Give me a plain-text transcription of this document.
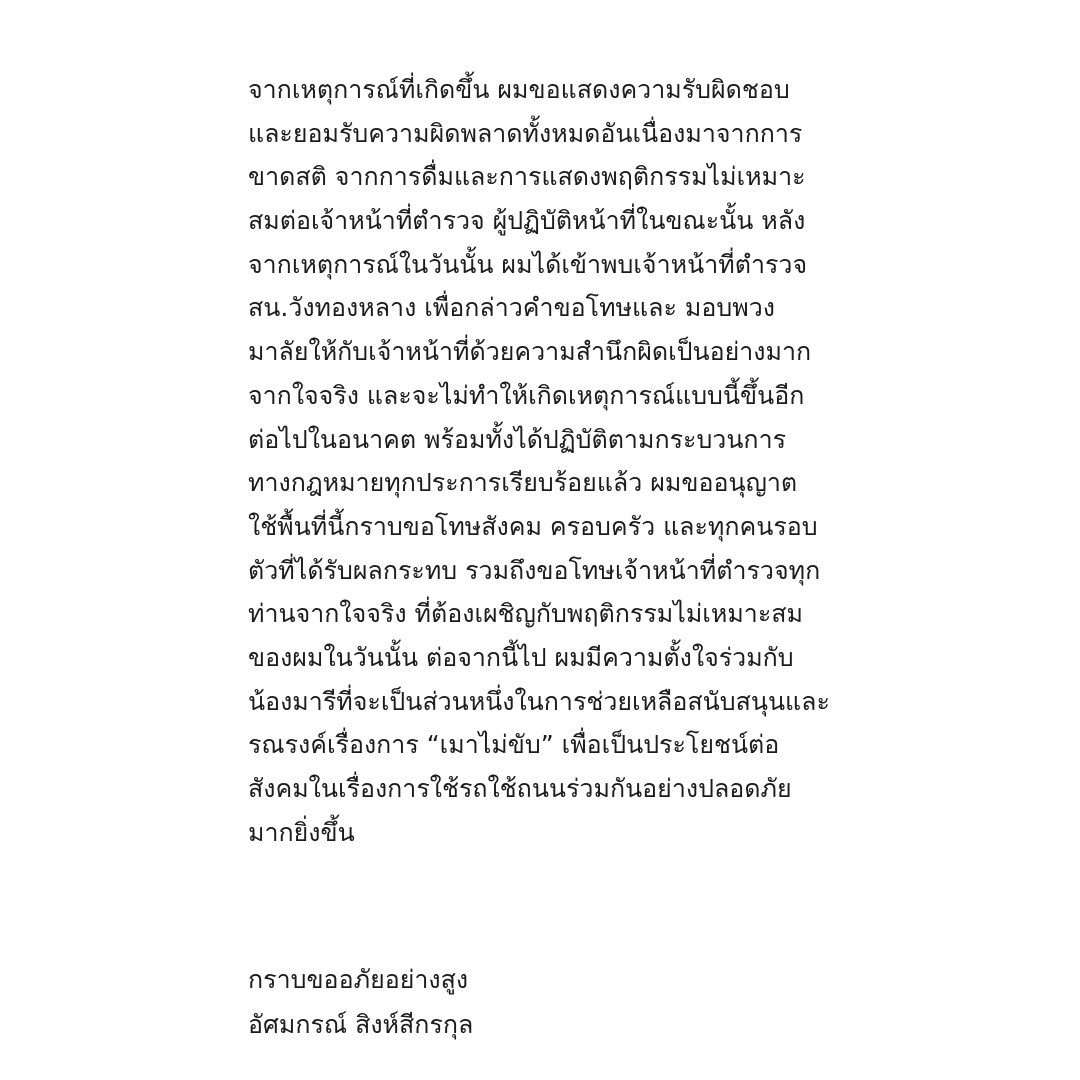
จากเหตุการณ์ที่เกิดขึ้น ผมขอแสดงความรับผิดชอบ
และยอมรับความผิดพลาดทั้งหมดอันเนื่องมาจากการ
ขาดสติ จากการดื่มและการแสดงพฤติกรรมไม่เหมาะ
สมต่อเจ้าหน้าที่ตำรวจ ผู้ปฏิบัติหน้าที่ในขณะนั้น หลัง
จากเหตุการณ์ในวันนั้น ผมได้เข้าพบเจ้าหน้าที่ตำรวจ
สน.วังทองหลาง เพื่อกล่าวคำขอโทษและ มอบพวง
มาลัยให้กับเจ้าหน้าที่ด้วยความสำนึกผิดเป็นอย่างมาก
จากใจจริง และจะไม่ทำให้เกิดเหตุการณ์แบบนี้ขึ้นอีก
ต่อไปในอนาคต พร้อมทั้งได้ปฏิบัติตามกระบวนการ
ทางกฎหมายทุกประการเรียบร้อยแล้ว ผมขออนุญาต
ใช้พื้นที่นี้กราบขอโทษสังคม ครอบครัว และทุกคนรอบ
ตัวที่ได้รับผลกระทบ รวมถึงขอโทษเจ้าหน้าที่ตำรวจทุก
ท่านจากใจจริง ที่ต้องเผชิญกับพฤติกรรมไม่เหมาะสม
ของผมในวันนั้น ต่อจากนี้ไป ผมมีความตั้งใจร่วมกับ
น้องมารีที่จะเป็นส่วนหนึ่งในการช่วยเหลือสนับสนุนและ
รณรงค์เรื่องการ “เมาไม่ขับ” เพื่อเป็นประโยชน์ต่อ
สังคมในเรื่องการใช้รถใช้ถนนร่วมกันอย่างปลอดภัย
มากยิ่งขึ้น
กราบขออภัยอย่างสูง
อัศมกรณ์ สิงห์สีกรกุล
